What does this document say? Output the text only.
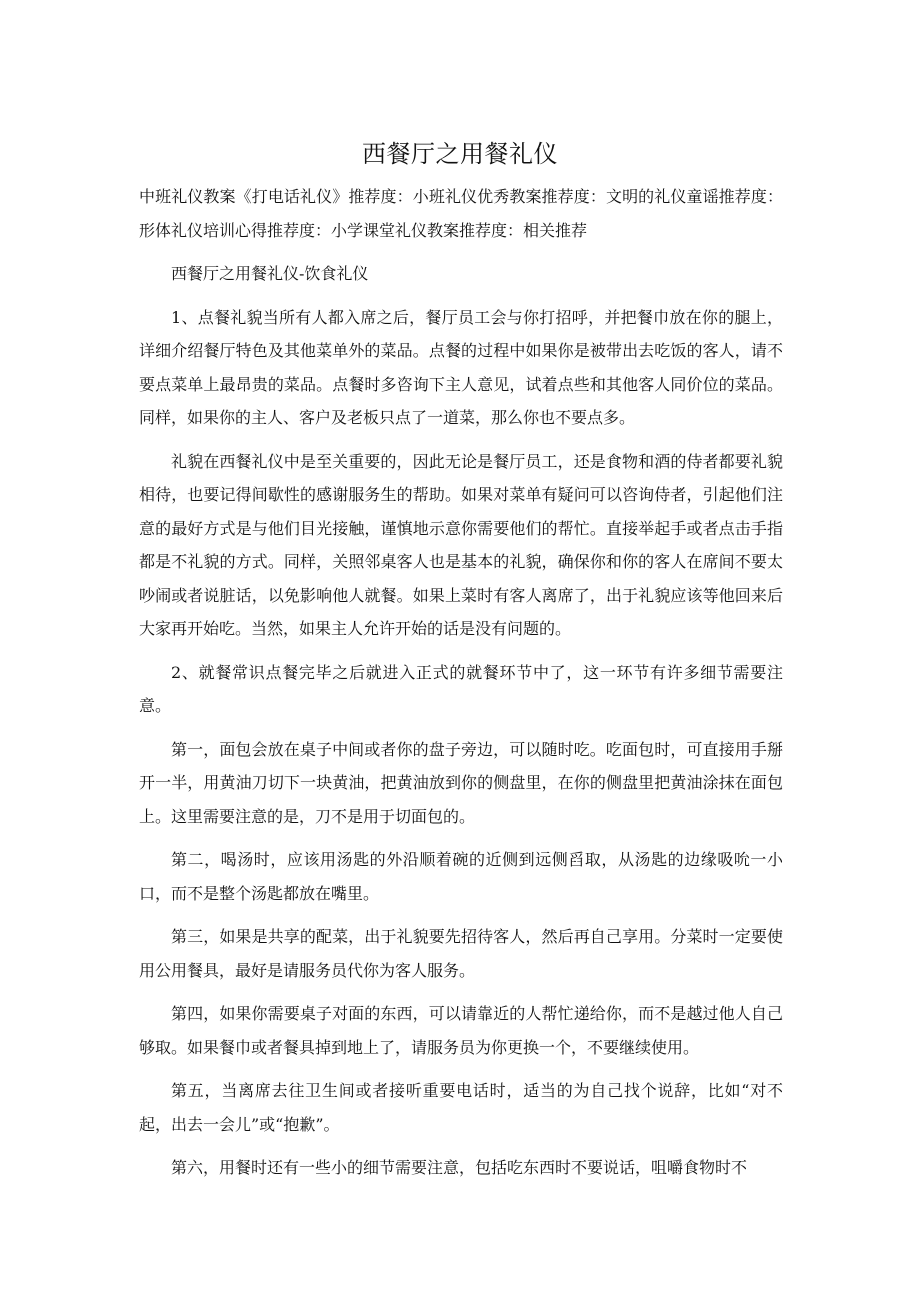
西餐厅之用餐礼仪

中班礼仪教案《打电话礼仪》推荐度：小班礼仪优秀教案推荐度：文明的礼仪童谣推荐度：形体礼仪培训心得推荐度：小学课堂礼仪教案推荐度：相关推荐

西餐厅之用餐礼仪-饮食礼仪

1、点餐礼貌当所有人都入席之后，餐厅员工会与你打招呼，并把餐巾放在你的腿上，详细介绍餐厅特色及其他菜单外的菜品。点餐的过程中如果你是被带出去吃饭的客人，请不要点菜单上最昂贵的菜品。点餐时多咨询下主人意见，试着点些和其他客人同价位的菜品。同样，如果你的主人、客户及老板只点了一道菜，那么你也不要点多。

礼貌在西餐礼仪中是至关重要的，因此无论是餐厅员工，还是食物和酒的侍者都要礼貌相待，也要记得间歇性的感谢服务生的帮助。如果对菜单有疑问可以咨询侍者，引起他们注意的最好方式是与他们目光接触，谨慎地示意你需要他们的帮忙。直接举起手或者点击手指都是不礼貌的方式。同样，关照邻桌客人也是基本的礼貌，确保你和你的客人在席间不要太吵闹或者说脏话，以免影响他人就餐。如果上菜时有客人离席了，出于礼貌应该等他回来后大家再开始吃。当然，如果主人允许开始的话是没有问题的。

2、就餐常识点餐完毕之后就进入正式的就餐环节中了，这一环节有许多细节需要注意。

第一，面包会放在桌子中间或者你的盘子旁边，可以随时吃。吃面包时，可直接用手掰开一半，用黄油刀切下一块黄油，把黄油放到你的侧盘里，在你的侧盘里把黄油涂抹在面包上。这里需要注意的是，刀不是用于切面包的。

第二，喝汤时，应该用汤匙的外沿顺着碗的近侧到远侧舀取，从汤匙的边缘吸吮一小口，而不是整个汤匙都放在嘴里。

第三，如果是共享的配菜，出于礼貌要先招待客人，然后再自己享用。分菜时一定要使用公用餐具，最好是请服务员代你为客人服务。

第四，如果你需要桌子对面的东西，可以请靠近的人帮忙递给你，而不是越过他人自己够取。如果餐巾或者餐具掉到地上了，请服务员为你更换一个，不要继续使用。

第五，当离席去往卫生间或者接听重要电话时，适当的为自己找个说辞，比如“对不起，出去一会儿”或“抱歉”。

第六，用餐时还有一些小的细节需要注意，包括吃东西时不要说话，咀嚼食物时不
